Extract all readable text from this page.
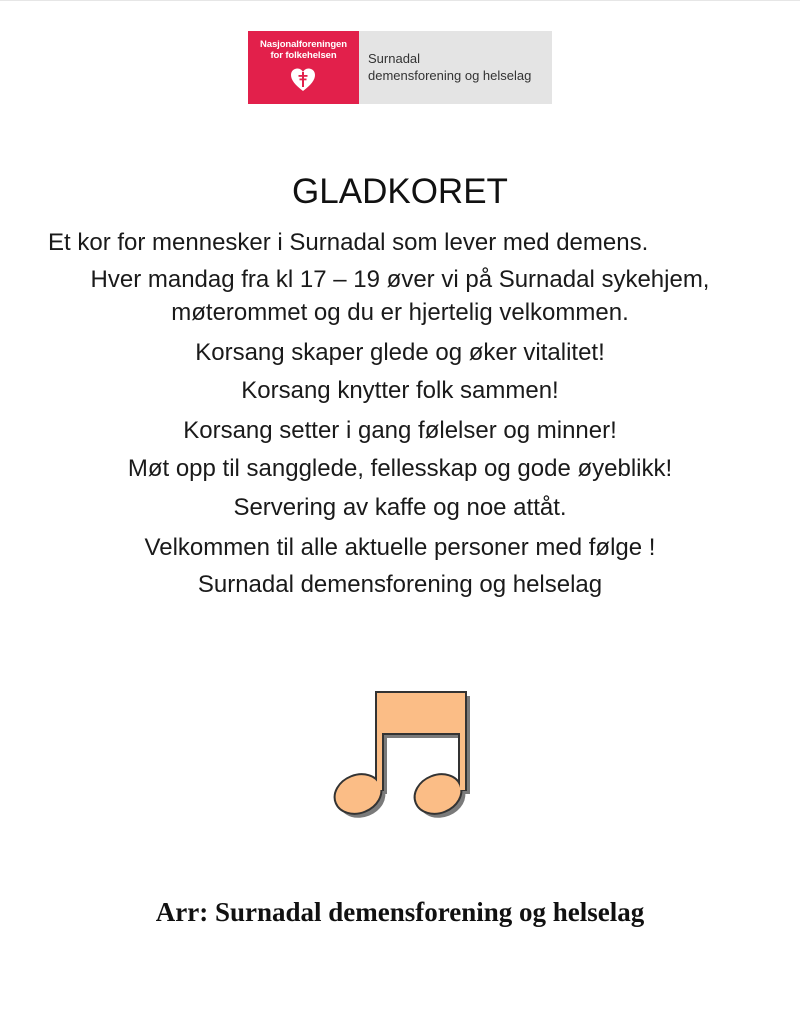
Nasjonalforeningen
for folkehelsen	Surnadal
demensforening og helselag
GLADKORET
Et kor for mennesker i Surnadal som lever med demens.
Hver mandag fra kl 17 – 19 øver vi på Surnadal sykehjem,
møterommet og du er hjertelig velkommen.
Korsang skaper glede og øker vitalitet!
Korsang knytter folk sammen!
Korsang setter i gang følelser og minner!
Møt opp til sangglede, fellesskap og gode øyeblikk!
Servering av kaffe og noe attåt.
Velkommen til alle aktuelle personer med følge !
Surnadal demensforening og helselag
Arr: Surnadal demensforening og helselag
